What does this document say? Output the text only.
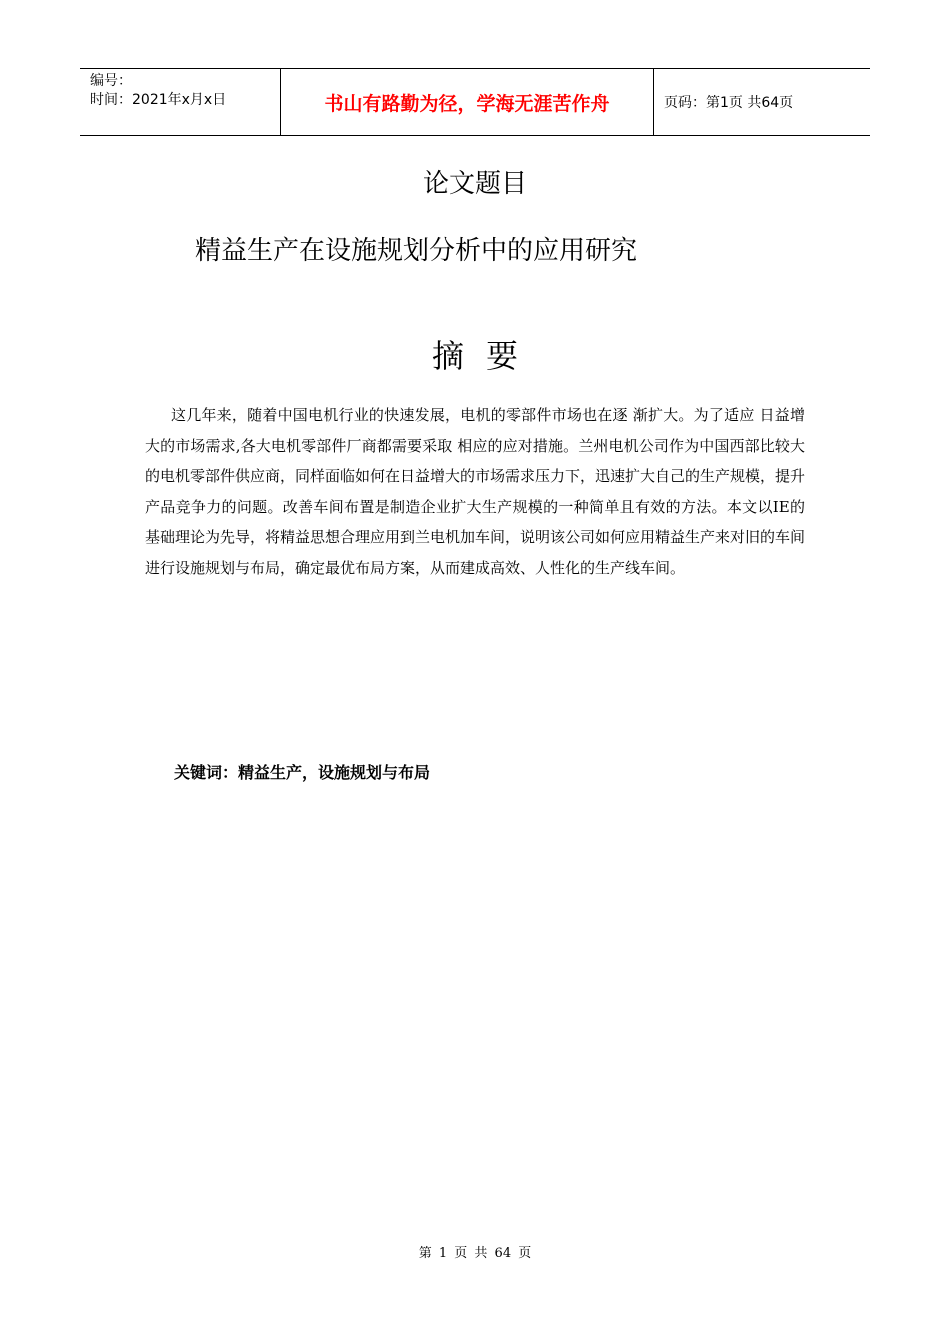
编号：
时间：2021年x月x日	书山有路勤为径，学海无涯苦作舟	页码：第1页 共64页
论文题目
精益生产在设施规划分析中的应用研究
摘要

这几年来，随着中国电机行业的快速发展，电机的零部件市场也在逐 渐扩大。为了适应 日益增大的市场需求,各大电机零部件厂商都需要采取 相应的应对措施。兰州电机公司作为中国西部比较大的电机零部件供应商，同样面临如何在日益增大的市场需求压力下，迅速扩大自己的生产规模，提升产品竞争力的问题。改善车间布置是制造企业扩大生产规模的一种简单且有效的方法。本文以IE的基础理论为先导，将精益思想合理应用到兰电机加车间，说明该公司如何应用精益生产来对旧的车间进行设施规划与布局，确定最优布局方案，从而建成高效、人性化的生产线车间。

关键词：精益生产，设施规划与布局
第 1 页 共 64 页
